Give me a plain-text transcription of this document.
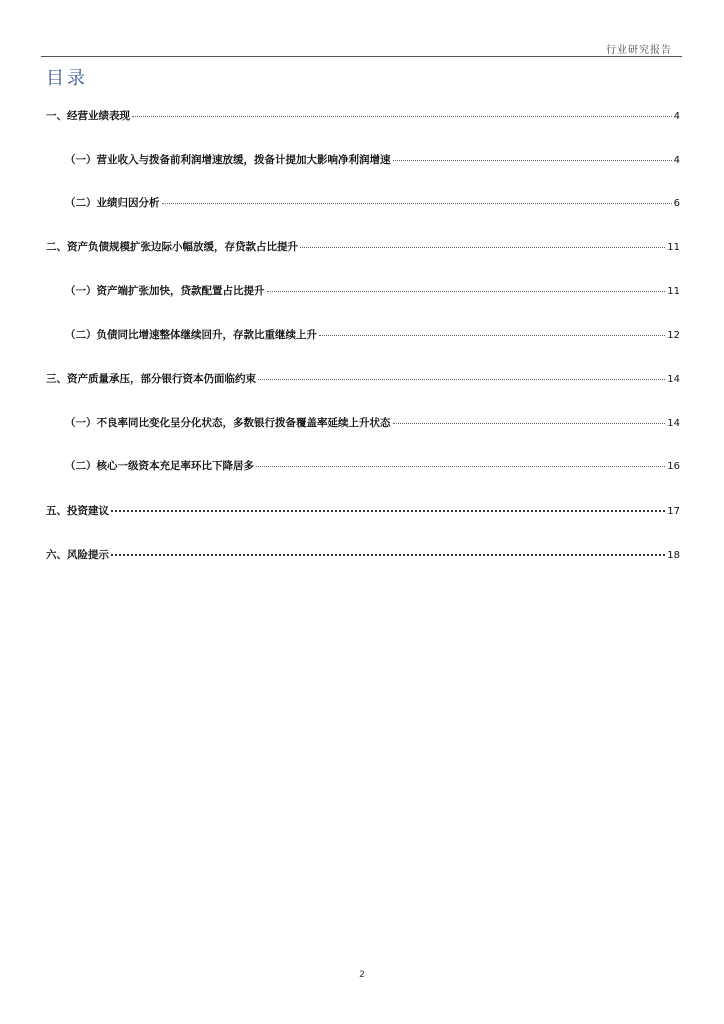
行业研究报告
目录
一、经营业绩表现	4
（一）营业收入与拨备前利润增速放缓，拨备计提加大影响净利润增速	4
（二）业绩归因分析	6
二、资产负债规模扩张边际小幅放缓，存贷款占比提升	11
（一）资产端扩张加快，贷款配置占比提升	11
（二）负债同比增速整体继续回升，存款比重继续上升	12
三、资产质量承压，部分银行资本仍面临约束	14
（一）不良率同比变化呈分化状态，多数银行拨备覆盖率延续上升状态	14
（二）核心一级资本充足率环比下降居多	16
五、投资建议	17
六、风险提示	18
2
